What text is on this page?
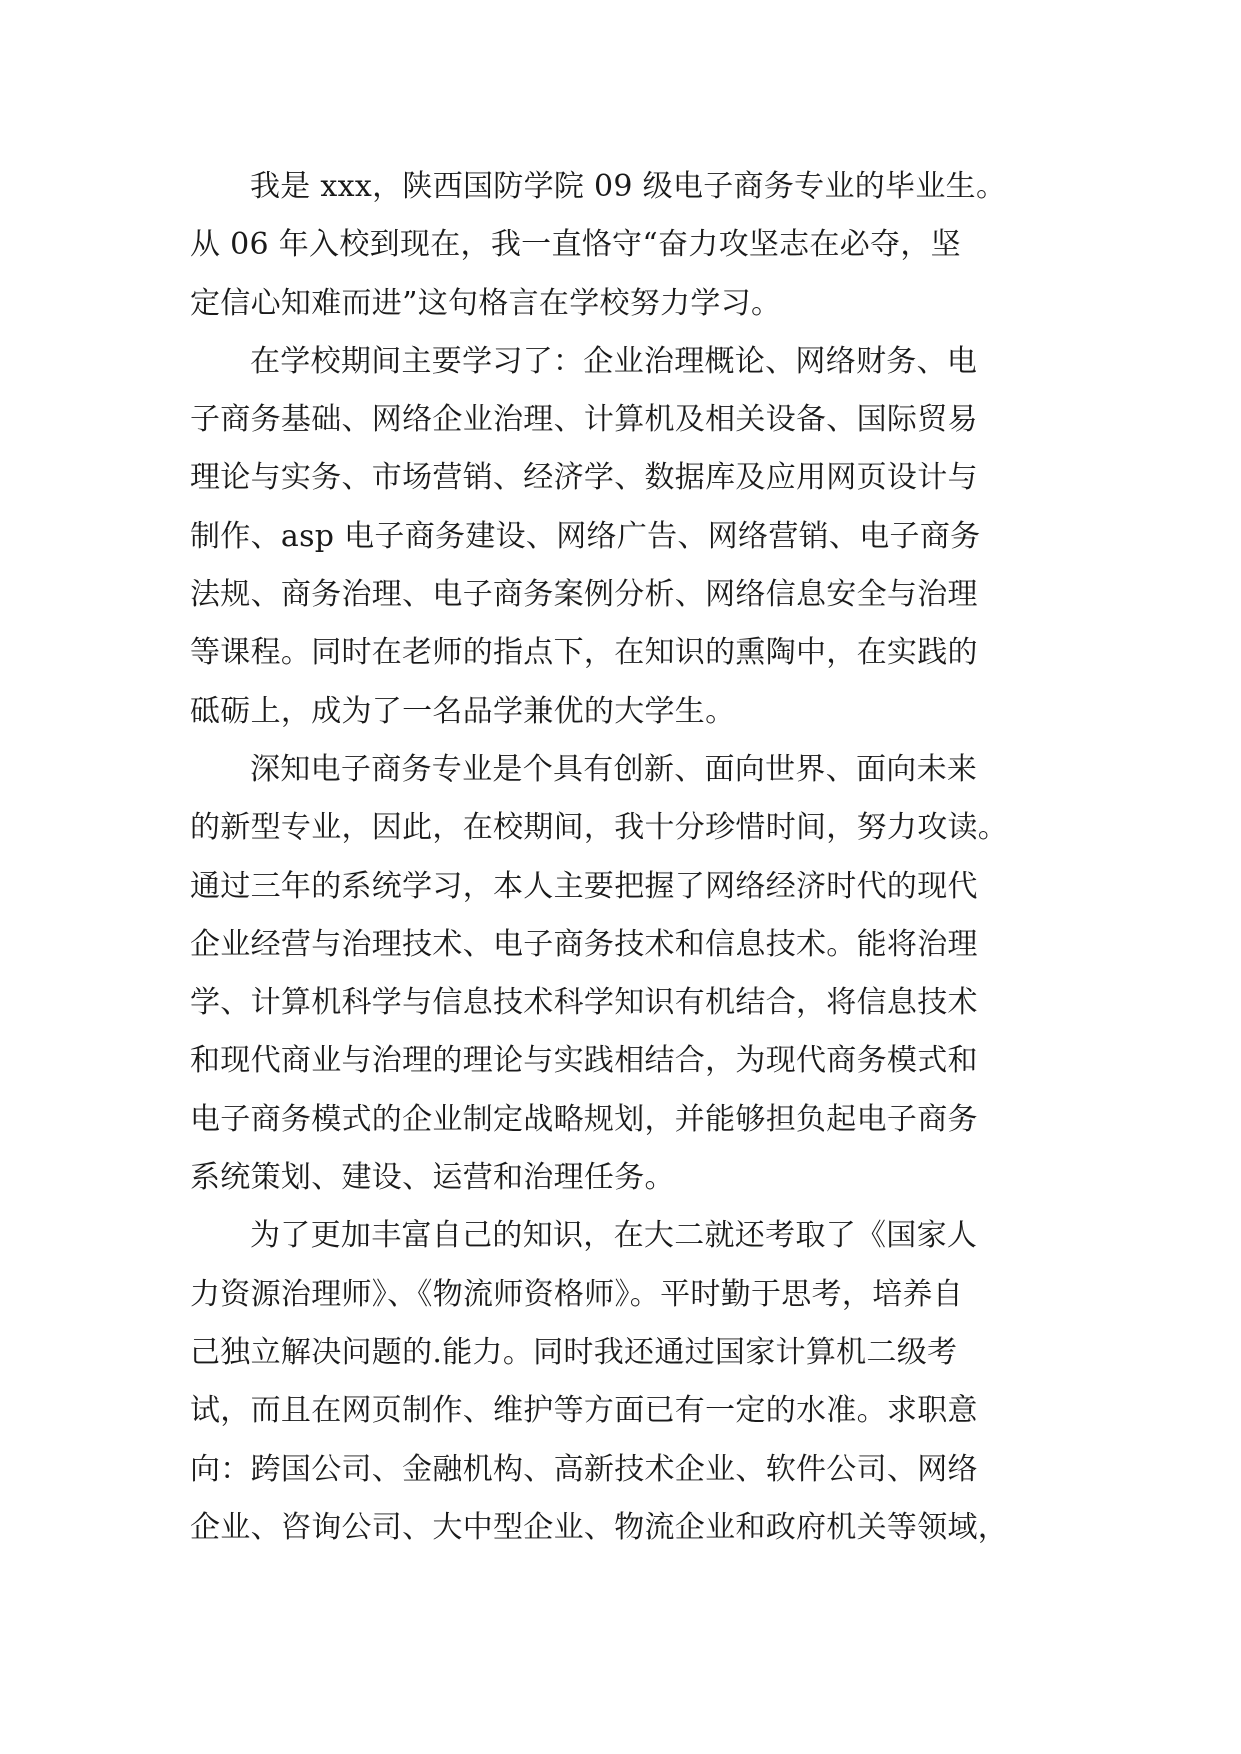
我是 xxx，陕西国防学院 09 级电子商务专业的毕业生。
从 06 年入校到现在，我一直恪守“奋力攻坚志在必夺，坚
定信心知难而进”这句格言在学校努力学习。
在学校期间主要学习了：企业治理概论、网络财务、电
子商务基础、网络企业治理、计算机及相关设备、国际贸易
理论与实务、市场营销、经济学、数据库及应用网页设计与
制作、asp 电子商务建设、网络广告、网络营销、电子商务
法规、商务治理、电子商务案例分析、网络信息安全与治理
等课程。同时在老师的指点下，在知识的熏陶中，在实践的
砥砺上，成为了一名品学兼优的大学生。
深知电子商务专业是个具有创新、面向世界、面向未来
的新型专业，因此，在校期间，我十分珍惜时间，努力攻读。
通过三年的系统学习，本人主要把握了网络经济时代的现代
企业经营与治理技术、电子商务技术和信息技术。能将治理
学、计算机科学与信息技术科学知识有机结合，将信息技术
和现代商业与治理的理论与实践相结合，为现代商务模式和
电子商务模式的企业制定战略规划，并能够担负起电子商务
系统策划、建设、运营和治理任务。
为了更加丰富自己的知识，在大二就还考取了《国家人
力资源治理师》、《物流师资格师》。平时勤于思考，培养自
己独立解决问题的.能力。同时我还通过国家计算机二级考
试，而且在网页制作、维护等方面已有一定的水准。求职意
向：跨国公司、金融机构、高新技术企业、软件公司、网络
企业、咨询公司、大中型企业、物流企业和政府机关等领域，
